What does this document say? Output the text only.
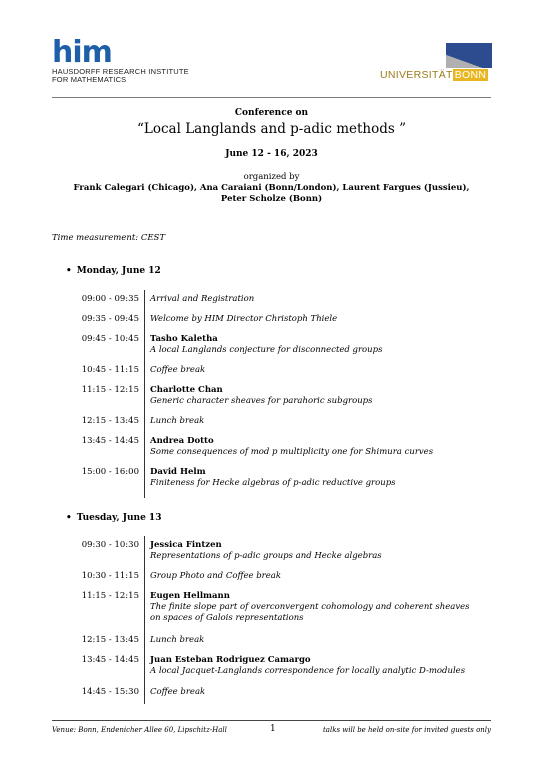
him
HAUSDORFF RESEARCH INSTITUTE
FOR MATHEMATICS	UNIVERSITÄT BONN
Conference on
“Local Langlands and p-adic methods ”
June 12 - 16, 2023
organized by
Frank Calegari (Chicago), Ana Caraiani (Bonn/London), Laurent Fargues (Jussieu),
Peter Scholze (Bonn)
Time measurement: CEST
• Monday, June 12
09:00 - 09:35 Arrival and Registration
09:35 - 09:45 Welcome by HIM Director Christoph Thiele
09:45 - 10:45 Tasho Kaletha
A local Langlands conjecture for disconnected groups
10:45 - 11:15 Coffee break
11:15 - 12:15 Charlotte Chan
Generic character sheaves for parahoric subgroups
12:15 - 13:45 Lunch break
13:45 - 14:45 Andrea Dotto
Some consequences of mod p multiplicity one for Shimura curves
15:00 - 16:00 David Helm
Finiteness for Hecke algebras of p-adic reductive groups
• Tuesday, June 13
09:30 - 10:30 Jessica Fintzen
Representations of p-adic groups and Hecke algebras
10:30 - 11:15 Group Photo and Coffee break
11:15 - 12:15 Eugen Hellmann
The finite slope part of overconvergent cohomology and coherent sheaves
on spaces of Galois representations
12:15 - 13:45 Lunch break
13:45 - 14:45 Juan Esteban Rodriguez Camargo
A local Jacquet-Langlands correspondence for locally analytic D-modules
14:45 - 15:30 Coffee break
Venue: Bonn, Endenicher Allee 60, Lipschitz-Hall	1	talks will be held on-site for invited guests only
